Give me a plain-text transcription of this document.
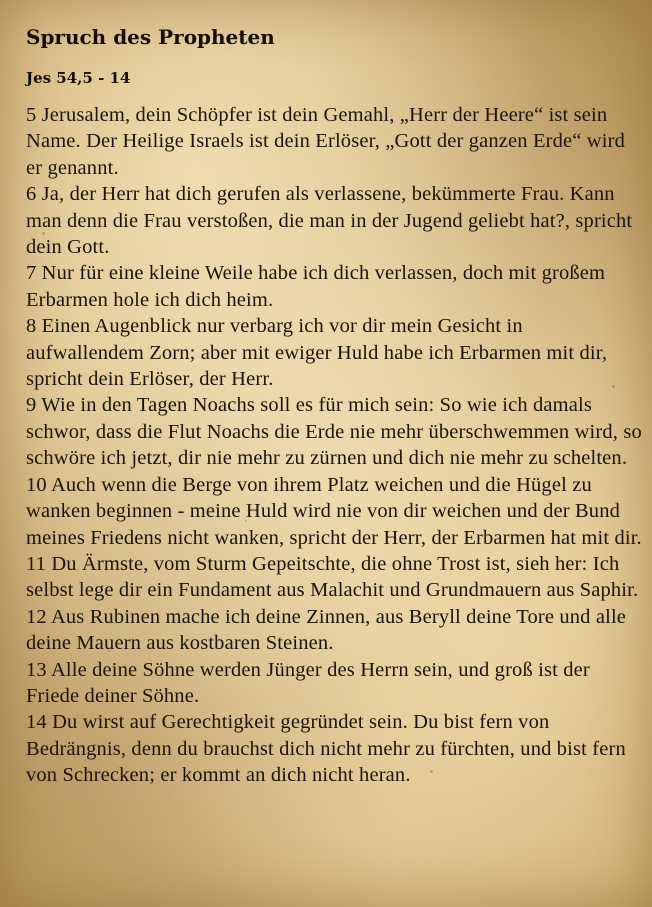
Spruch des Propheten
Jes 54,5 - 14
5 Jerusalem, dein Schöpfer ist dein Gemahl, „Herr der Heere“ ist sein Name. Der Heilige Israels ist dein Erlöser, „Gott der ganzen Erde“ wird er genannt.
6 Ja, der Herr hat dich gerufen als verlassene, bekümmerte Frau. Kann man denn die Frau verstoßen, die man in der Jugend geliebt hat?, spricht dein Gott.
7 Nur für eine kleine Weile habe ich dich verlassen, doch mit großem Erbarmen hole ich dich heim.
8 Einen Augenblick nur verbarg ich vor dir mein Gesicht in aufwallendem Zorn; aber mit ewiger Huld habe ich Erbarmen mit dir, spricht dein Erlöser, der Herr.
9 Wie in den Tagen Noachs soll es für mich sein: So wie ich damals schwor, dass die Flut Noachs die Erde nie mehr überschwemmen wird, so schwöre ich jetzt, dir nie mehr zu zürnen und dich nie mehr zu schelten.
10 Auch wenn die Berge von ihrem Platz weichen und die Hügel zu wanken beginnen - meine Huld wird nie von dir weichen und der Bund meines Friedens nicht wanken, spricht der Herr, der Erbarmen hat mit dir.
11 Du Ärmste, vom Sturm Gepeitschte, die ohne Trost ist, sieh her: Ich selbst lege dir ein Fundament aus Malachit und Grundmauern aus Saphir.
12 Aus Rubinen mache ich deine Zinnen, aus Beryll deine Tore und alle deine Mauern aus kostbaren Steinen.
13 Alle deine Söhne werden Jünger des Herrn sein, und groß ist der Friede deiner Söhne.
14 Du wirst auf Gerechtigkeit gegründet sein. Du bist fern von Bedrängnis, denn du brauchst dich nicht mehr zu fürchten, und bist fern von Schrecken; er kommt an dich nicht heran.
